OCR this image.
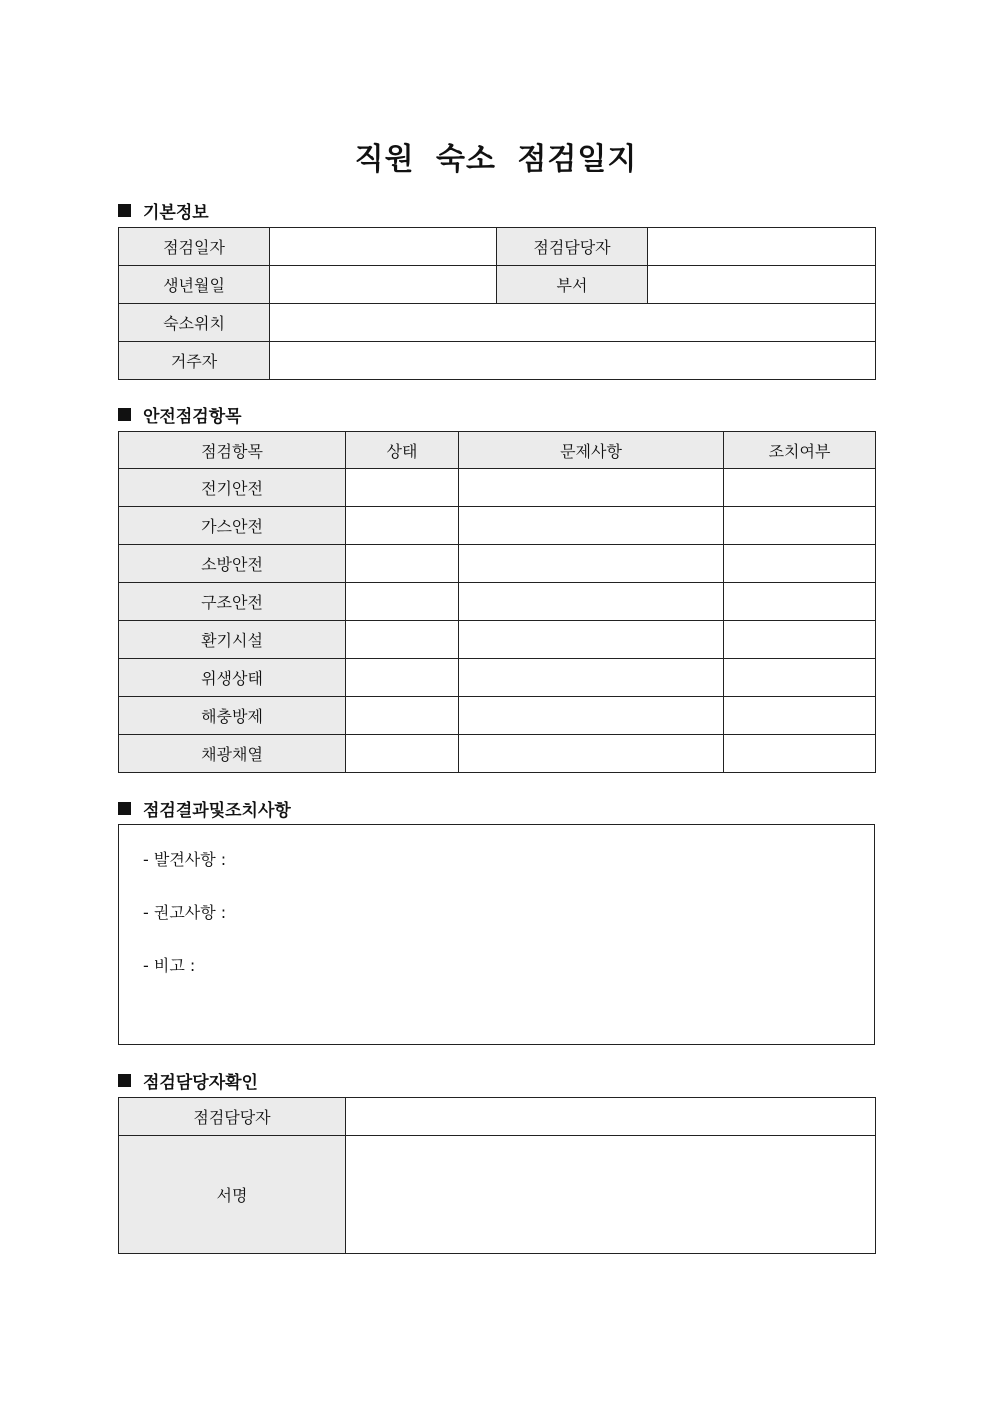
직원 숙소 점검일지
기본정보
점검일자		점검담당자	
생년월일		부서	
숙소위치			
거주자			
안전점검항목
점검항목	상태	문제사항	조치여부
전기안전			
가스안전			
소방안전			
구조안전			
환기시설			
위생상태			
해충방제			
채광채열			
점검결과및조치사항
- 발견사항 :
- 권고사항 :
- 비고 :
점검담당자확인
점검담당자	
서명	
